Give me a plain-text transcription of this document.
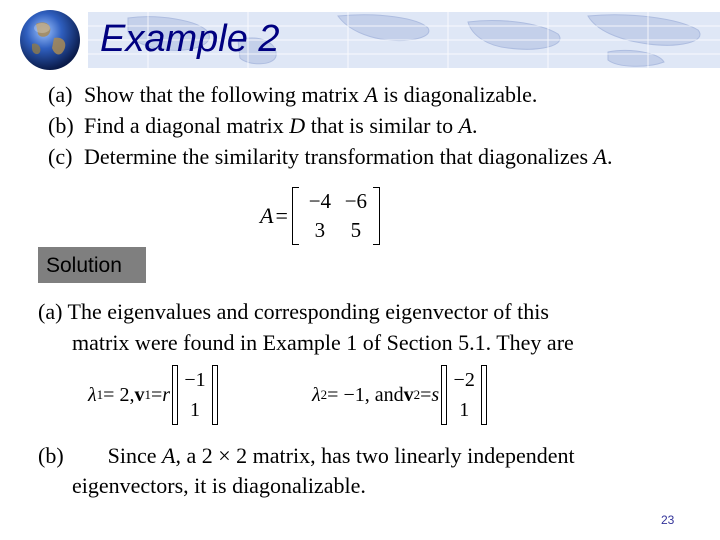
Example 2
(a) Show that the following matrix A is diagonalizable.
(b) Find a diagonal matrix D that is similar to A.
(c) Determine the similarity transformation that diagonalizes A.
A =
−4 −6
3	5
Solution
(a) The eigenvalues and corresponding eigenvector of this
matrix were found in Example 1 of Section 5.1. They are
λ 1 = 2, v 1 = r
−1
1
λ 2 = −1, and v 2 = s
−2
1
(b) Since A, a 2 × 2 matrix, has two linearly independent
eigenvectors, it is diagonalizable.
23
